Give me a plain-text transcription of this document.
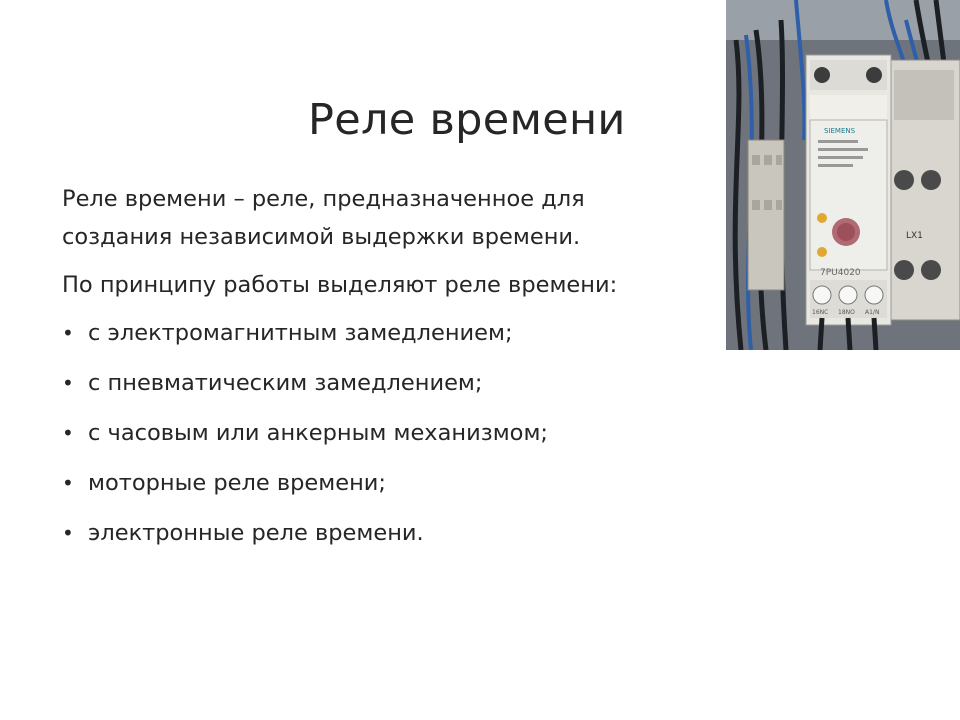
Реле времени

Реле времени – реле, предназначенное для создания независимой выдержки времени.

По принципу работы выделяют реле времени:

• с электромагнитным замедлением;
• с пневматическим замедлением;
• с часовым или анкерным механизмом;
• моторные реле времени;
• электронные реле времени.
LX1
SIEMENS
7PU4020
16NC 18NO A1/N
